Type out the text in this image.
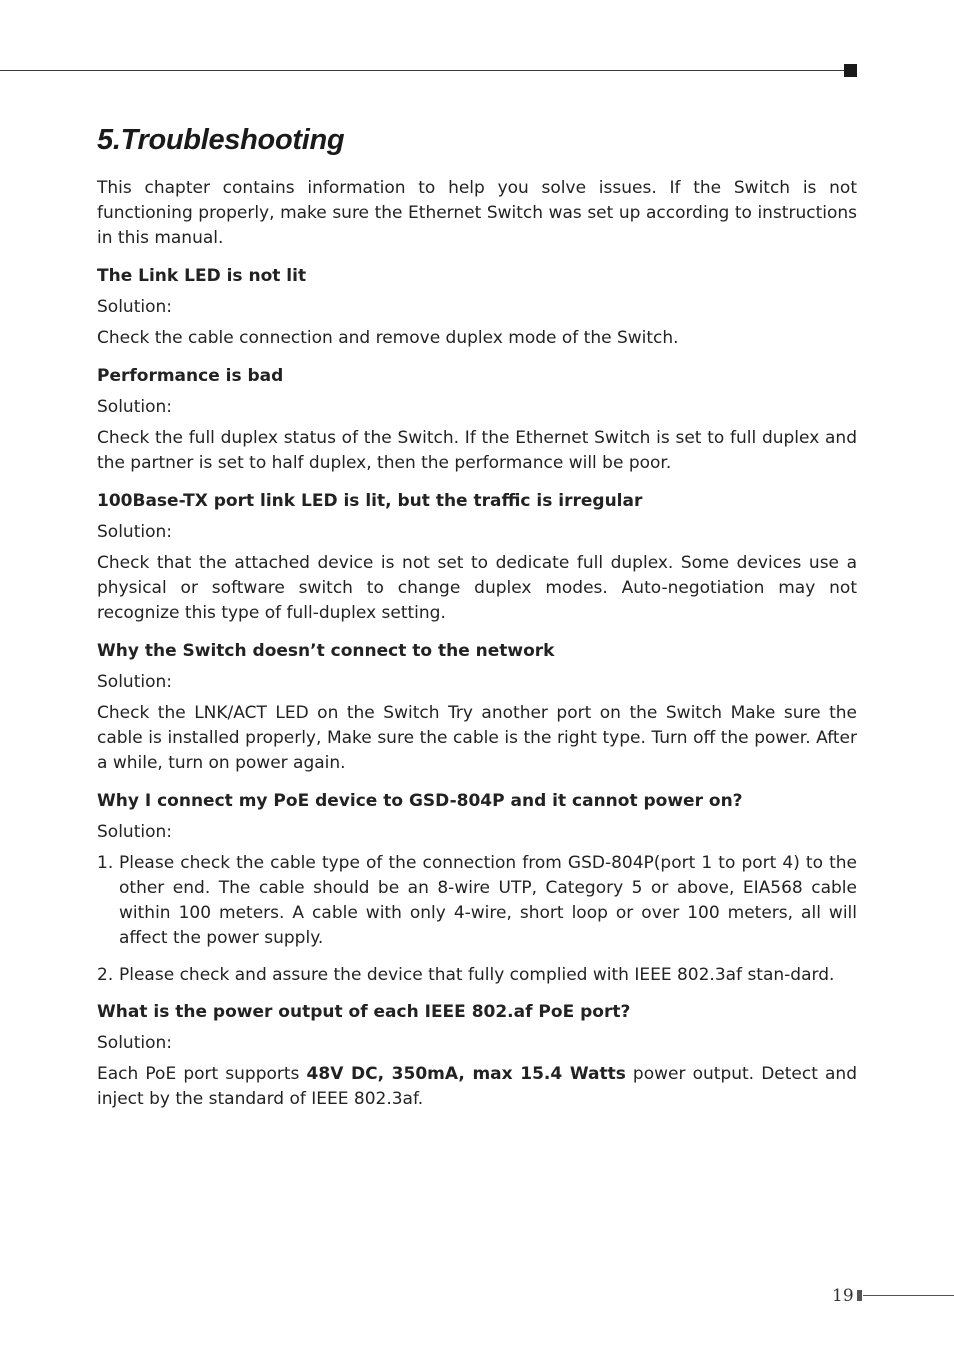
5.Troubleshooting

This chapter contains information to help you solve issues. If the Switch is not functioning properly, make sure the Ethernet Switch was set up according to instructions in this manual.

The Link LED is not lit

Solution:

Check the cable connection and remove duplex mode of the Switch.

Performance is bad

Solution:

Check the full duplex status of the Switch. If the Ethernet Switch is set to full duplex and the partner is set to half duplex, then the performance will be poor.

100Base-TX port link LED is lit, but the traffic is irregular

Solution:

Check that the attached device is not set to dedicate full duplex. Some devices use a physical or software switch to change duplex modes. Auto-negotiation may not recognize this type of full-duplex setting.

Why the Switch doesn’t connect to the network

Solution:

Check the LNK/ACT LED on the Switch Try another port on the Switch Make sure the cable is installed properly, Make sure the cable is the right type. Turn off the power. After a while, turn on power again.

Why I connect my PoE device to GSD-804P and it cannot power on?

Solution:

1. Please check the cable type of the connection from GSD-804P(port 1 to port 4) to the other end. The cable should be an 8-wire UTP, Category 5 or above, EIA568 cable within 100 meters. A cable with only 4-wire, short loop or over 100 meters, all will affect the power supply.
2. Please check and assure the device that fully complied with IEEE 802.3af stan-dard.

What is the power output of each IEEE 802.af PoE port?

Solution:

Each PoE port supports 48V DC, 350mA, max 15.4 Watts power output. Detect and inject by the standard of IEEE 802.3af.

19
